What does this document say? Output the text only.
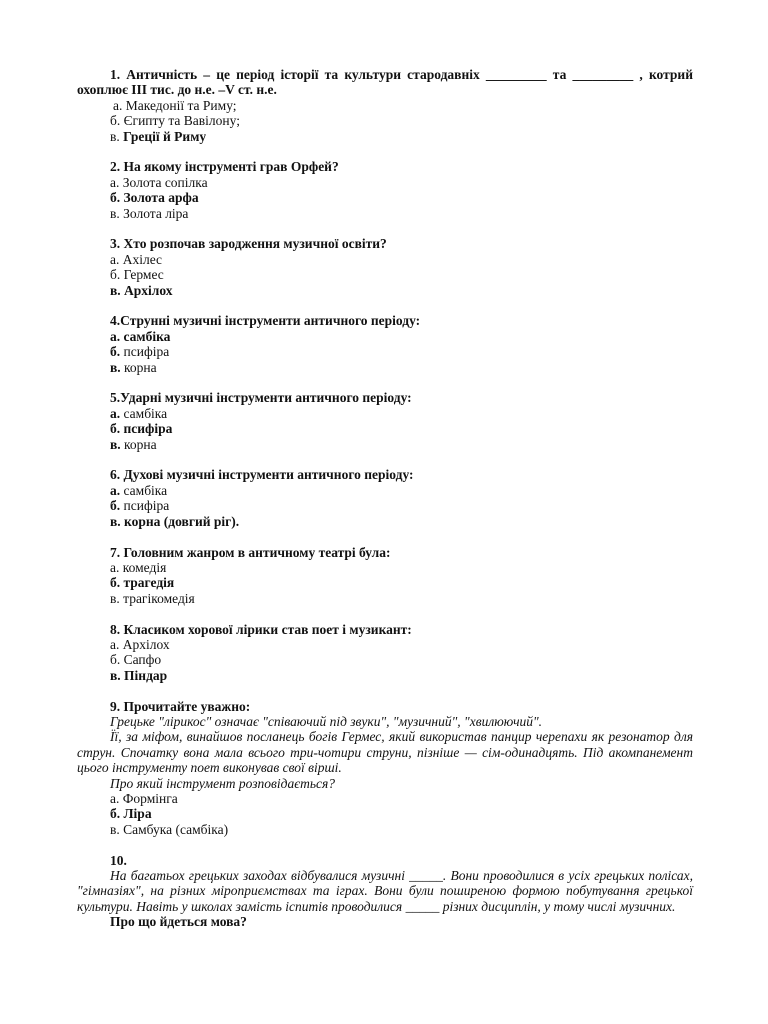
1. Античність – це період історії та культури стародавніх _________ та _________ , котрий охоплює ІІІ тис. до н.е. –V ст. н.е.
а. Македонії та Риму;
б. Єгипту та Вавілону;
в. Греції й Риму
2. На якому інструменті грав Орфей?
а. Золота сопілка
б. Золота арфа
в. Золота ліра
3. Хто розпочав зародження музичної освіти?
а. Ахілес
б. Гермес
в. Архілох
4.Струнні музичні інструменти античного періоду:
а. самбіка
б. псифіра
в. корна
5.Ударні музичні інструменти античного періоду:
а. самбіка
б. псифіра
в. корна
6. Духові музичні інструменти античного періоду:
а. самбіка
б. псифіра
в. корна (довгий ріг).
7. Головним жанром в античному театрі була:
а. комедія
б. трагедія
в. трагікомедія
8. Класиком хорової лірики став поет і музикант:
а. Архілох
б. Сапфо
в. Піндар
9. Прочитайте уважно:
Грецьке "лірикос" означає "співаючий під звуки", "музичний", "хвилюючий".
Її, за міфом, винайшов посланець богів Гермес, який використав панцир черепахи як резонатор для струн. Спочатку вона мала всього три-чотири струни, пізніше — сім-одинадцять. Під акомпанемент цього інструменту поет виконував свої вірші.
Про який інструмент розповідається?
а. Формінга
б. Ліра
в. Самбука (самбіка)
10.
На багатьох грецьких заходах відбувалися музичні _____. Вони проводилися в усіх грецьких полісах, "гімназіях", на різних міроприємствах та іграх. Вони були поширеною формою побутування грецької культури. Навіть у школах замість іспитів проводилися _____ різних дисциплін, у тому числі музичних.
Про що йдеться мова?
